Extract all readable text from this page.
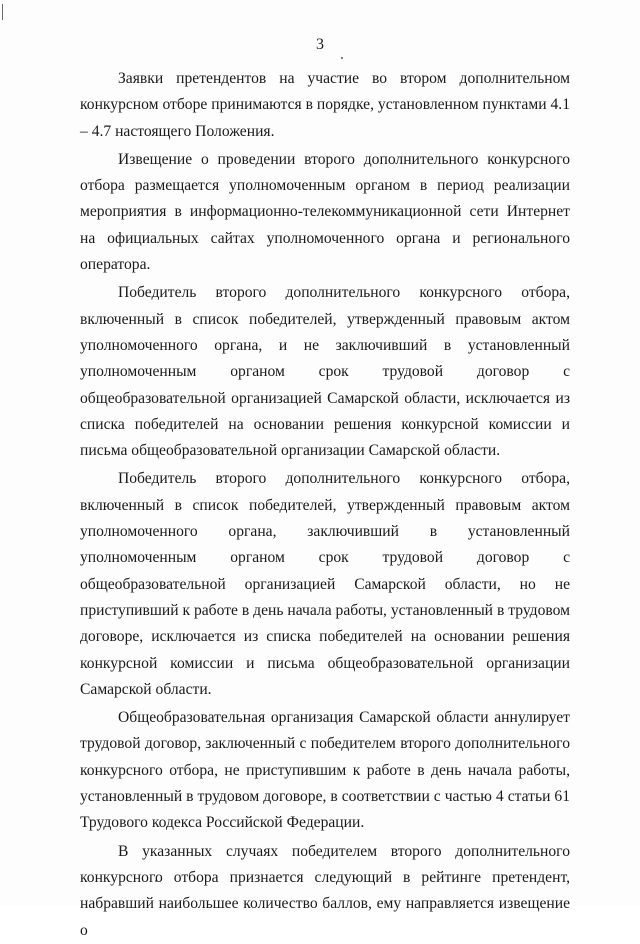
3

Заявки претендентов на участие во втором дополнительном конкурсном отборе принимаются в порядке, установленном пунктами 4.1 – 4.7 настоящего Положения.

Извещение о проведении второго дополнительного конкурсного отбора размещается уполномоченным органом в период реализации мероприятия в информационно-телекоммуникационной сети Интернет на официальных сайтах уполномоченного органа и регионального оператора.

Победитель второго дополнительного конкурсного отбора, включенный в список победителей, утвержденный правовым актом уполномоченного органа, и не заключивший в установленный уполномоченным органом срок трудовой договор с общеобразовательной организацией Самарской области, исключается из списка победителей на основании решения конкурсной комиссии и письма общеобразовательной организации Самарской области.

Победитель второго дополнительного конкурсного отбора, включенный в список победителей, утвержденный правовым актом уполномоченного органа, заключивший в установленный уполномоченным органом срок трудовой договор с общеобразовательной организацией Самарской области, но не приступивший к работе в день начала работы, установленный в трудовом договоре, исключается из списка победителей на основании решения конкурсной комиссии и письма общеобразовательной организации Самарской области.

Общеобразовательная организация Самарской области аннулирует трудовой договор, заключенный с победителем второго дополнительного конкурсного отбора, не приступившим к работе в день начала работы, установленный в трудовом договоре, в соответствии с частью 4 статьи 61 Трудового кодекса Российской Федерации.

В указанных случаях победителем второго дополнительного конкурсного отбора признается следующий в рейтинге претендент, набравший наибольшее количество баллов, ему направляется извещение о
